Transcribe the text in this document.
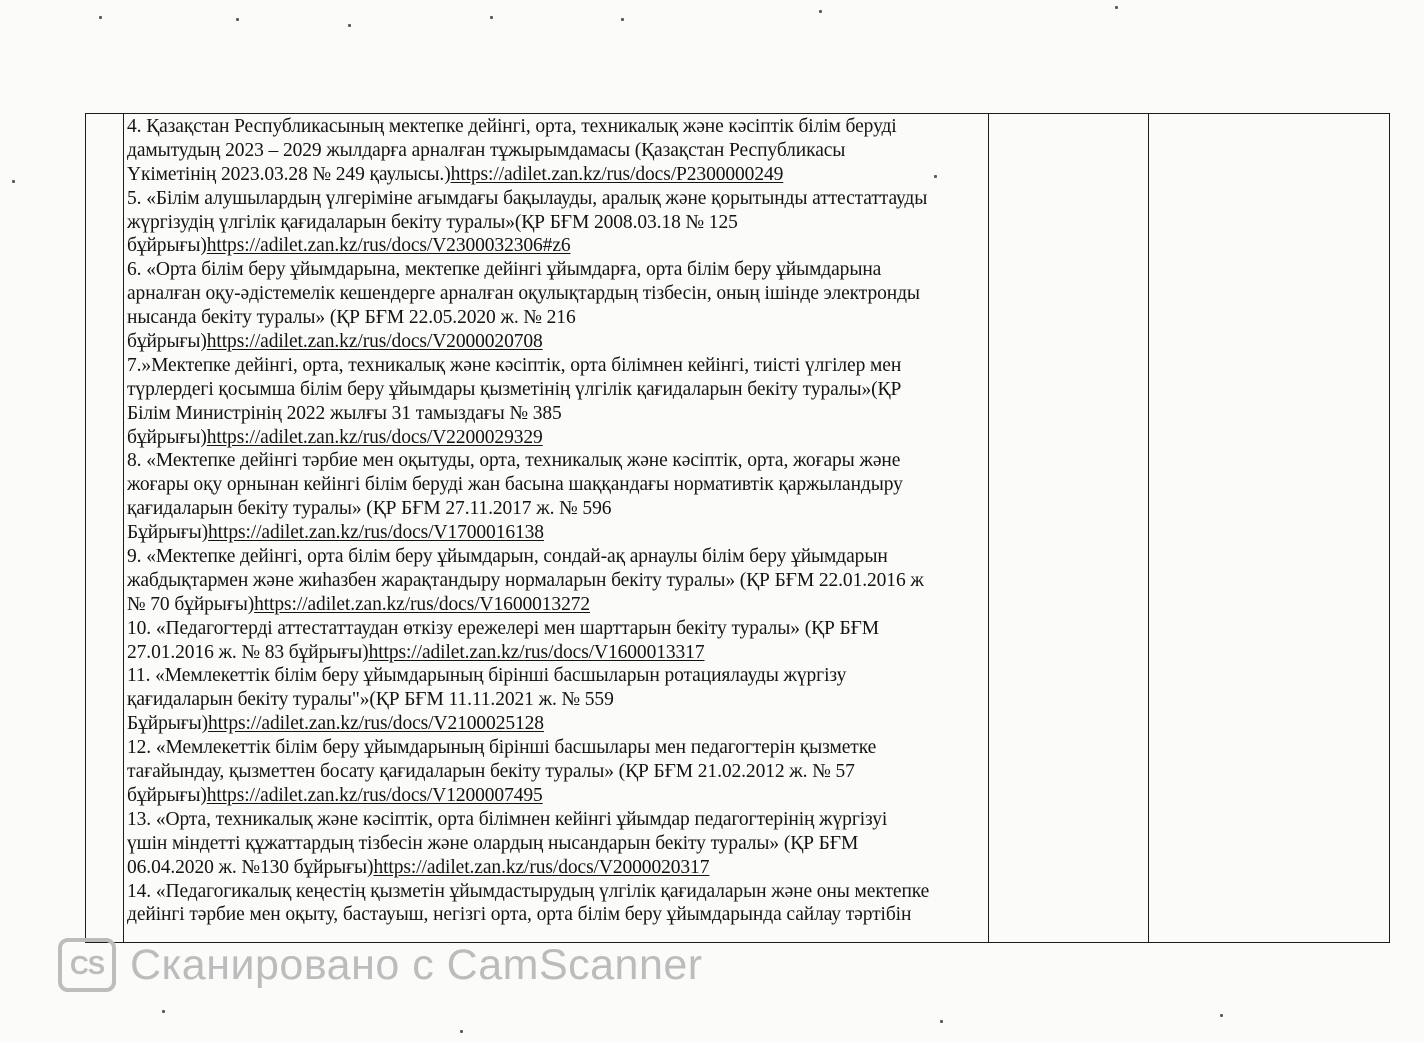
4. Қазақстан Республикасының мектепке дейінгі, орта, техникалық және кәсіптік білім беруді
дамытудың 2023 – 2029 жылдарға арналған тұжырымдамасы (Қазақстан Республикасы
Үкіметінің 2023.03.28 № 249 қаулысы.)https://adilet.zan.kz/rus/docs/P2300000249
5. «Білім алушылардың үлгеріміне ағымдағы бақылауды, аралық және қорытынды аттестаттауды
жүргізудің үлгілік қағидаларын бекіту туралы»(ҚР БҒМ 2008.03.18 № 125
бұйрығы)https://adilet.zan.kz/rus/docs/V2300032306#z6
6. «Орта білім беру ұйымдарына, мектепке дейінгі ұйымдарға, орта білім беру ұйымдарына
арналған оқу-әдістемелік кешендерге арналған оқулықтардың тізбесін, оның ішінде электронды
нысанда бекіту туралы» (ҚР БҒМ 22.05.2020 ж. № 216
бұйрығы)https://adilet.zan.kz/rus/docs/V2000020708
7.»Мектепке дейінгі, орта, техникалық және кәсіптік, орта білімнен кейінгі, тиісті үлгілер мен
түрлердегі қосымша білім беру ұйымдары қызметінің үлгілік қағидаларын бекіту туралы»(ҚР
Білім Министрінің 2022 жылғы 31 тамыздағы № 385
бұйрығы)https://adilet.zan.kz/rus/docs/V2200029329
8. «Мектепке дейінгі тәрбие мен оқытуды, орта, техникалық және кәсіптік, орта, жоғары және
жоғары оқу орнынан кейінгі білім беруді жан басына шаққандағы нормативтік қаржыландыру
қағидаларын бекіту туралы» (ҚР БҒМ 27.11.2017 ж. № 596
Бұйрығы)https://adilet.zan.kz/rus/docs/V1700016138
9. «Мектепке дейінгі, орта білім беру ұйымдарын, сондай-ақ арнаулы білім беру ұйымдарын
жабдықтармен және жиһазбен жарақтандыру нормаларын бекіту туралы» (ҚР БҒМ 22.01.2016 ж
№ 70 бұйрығы)https://adilet.zan.kz/rus/docs/V1600013272
10. «Педагогтерді аттестаттаудан өткізу ережелері мен шарттарын бекіту туралы» (ҚР БҒМ
27.01.2016 ж. № 83 бұйрығы)https://adilet.zan.kz/rus/docs/V1600013317
11. «Мемлекеттік білім беру ұйымдарының бірінші басшыларын ротациялауды жүргізу
қағидаларын бекіту туралы"»(ҚР БҒМ 11.11.2021 ж. № 559
Бұйрығы)https://adilet.zan.kz/rus/docs/V2100025128
12. «Мемлекеттік білім беру ұйымдарының бірінші басшылары мен педагогтерін қызметке
тағайындау, қызметтен босату қағидаларын бекіту туралы» (ҚР БҒМ 21.02.2012 ж. № 57
бұйрығы)https://adilet.zan.kz/rus/docs/V1200007495
13. «Орта, техникалық және кәсіптік, орта білімнен кейінгі ұйымдар педагогтерінің жүргізуі
үшін міндетті құжаттардың тізбесін және олардың нысандарын бекіту туралы» (ҚР БҒМ
06.04.2020 ж. №130 бұйрығы)https://adilet.zan.kz/rus/docs/V2000020317
14. «Педагогикалық кеңестің қызметін ұйымдастырудың үлгілік қағидаларын және оны мектепке
дейінгі тәрбие мен оқыту, бастауыш, негізгі орта, орта білім беру ұйымдарында сайлау тәртібін
CS Сканировано с CamScanner
